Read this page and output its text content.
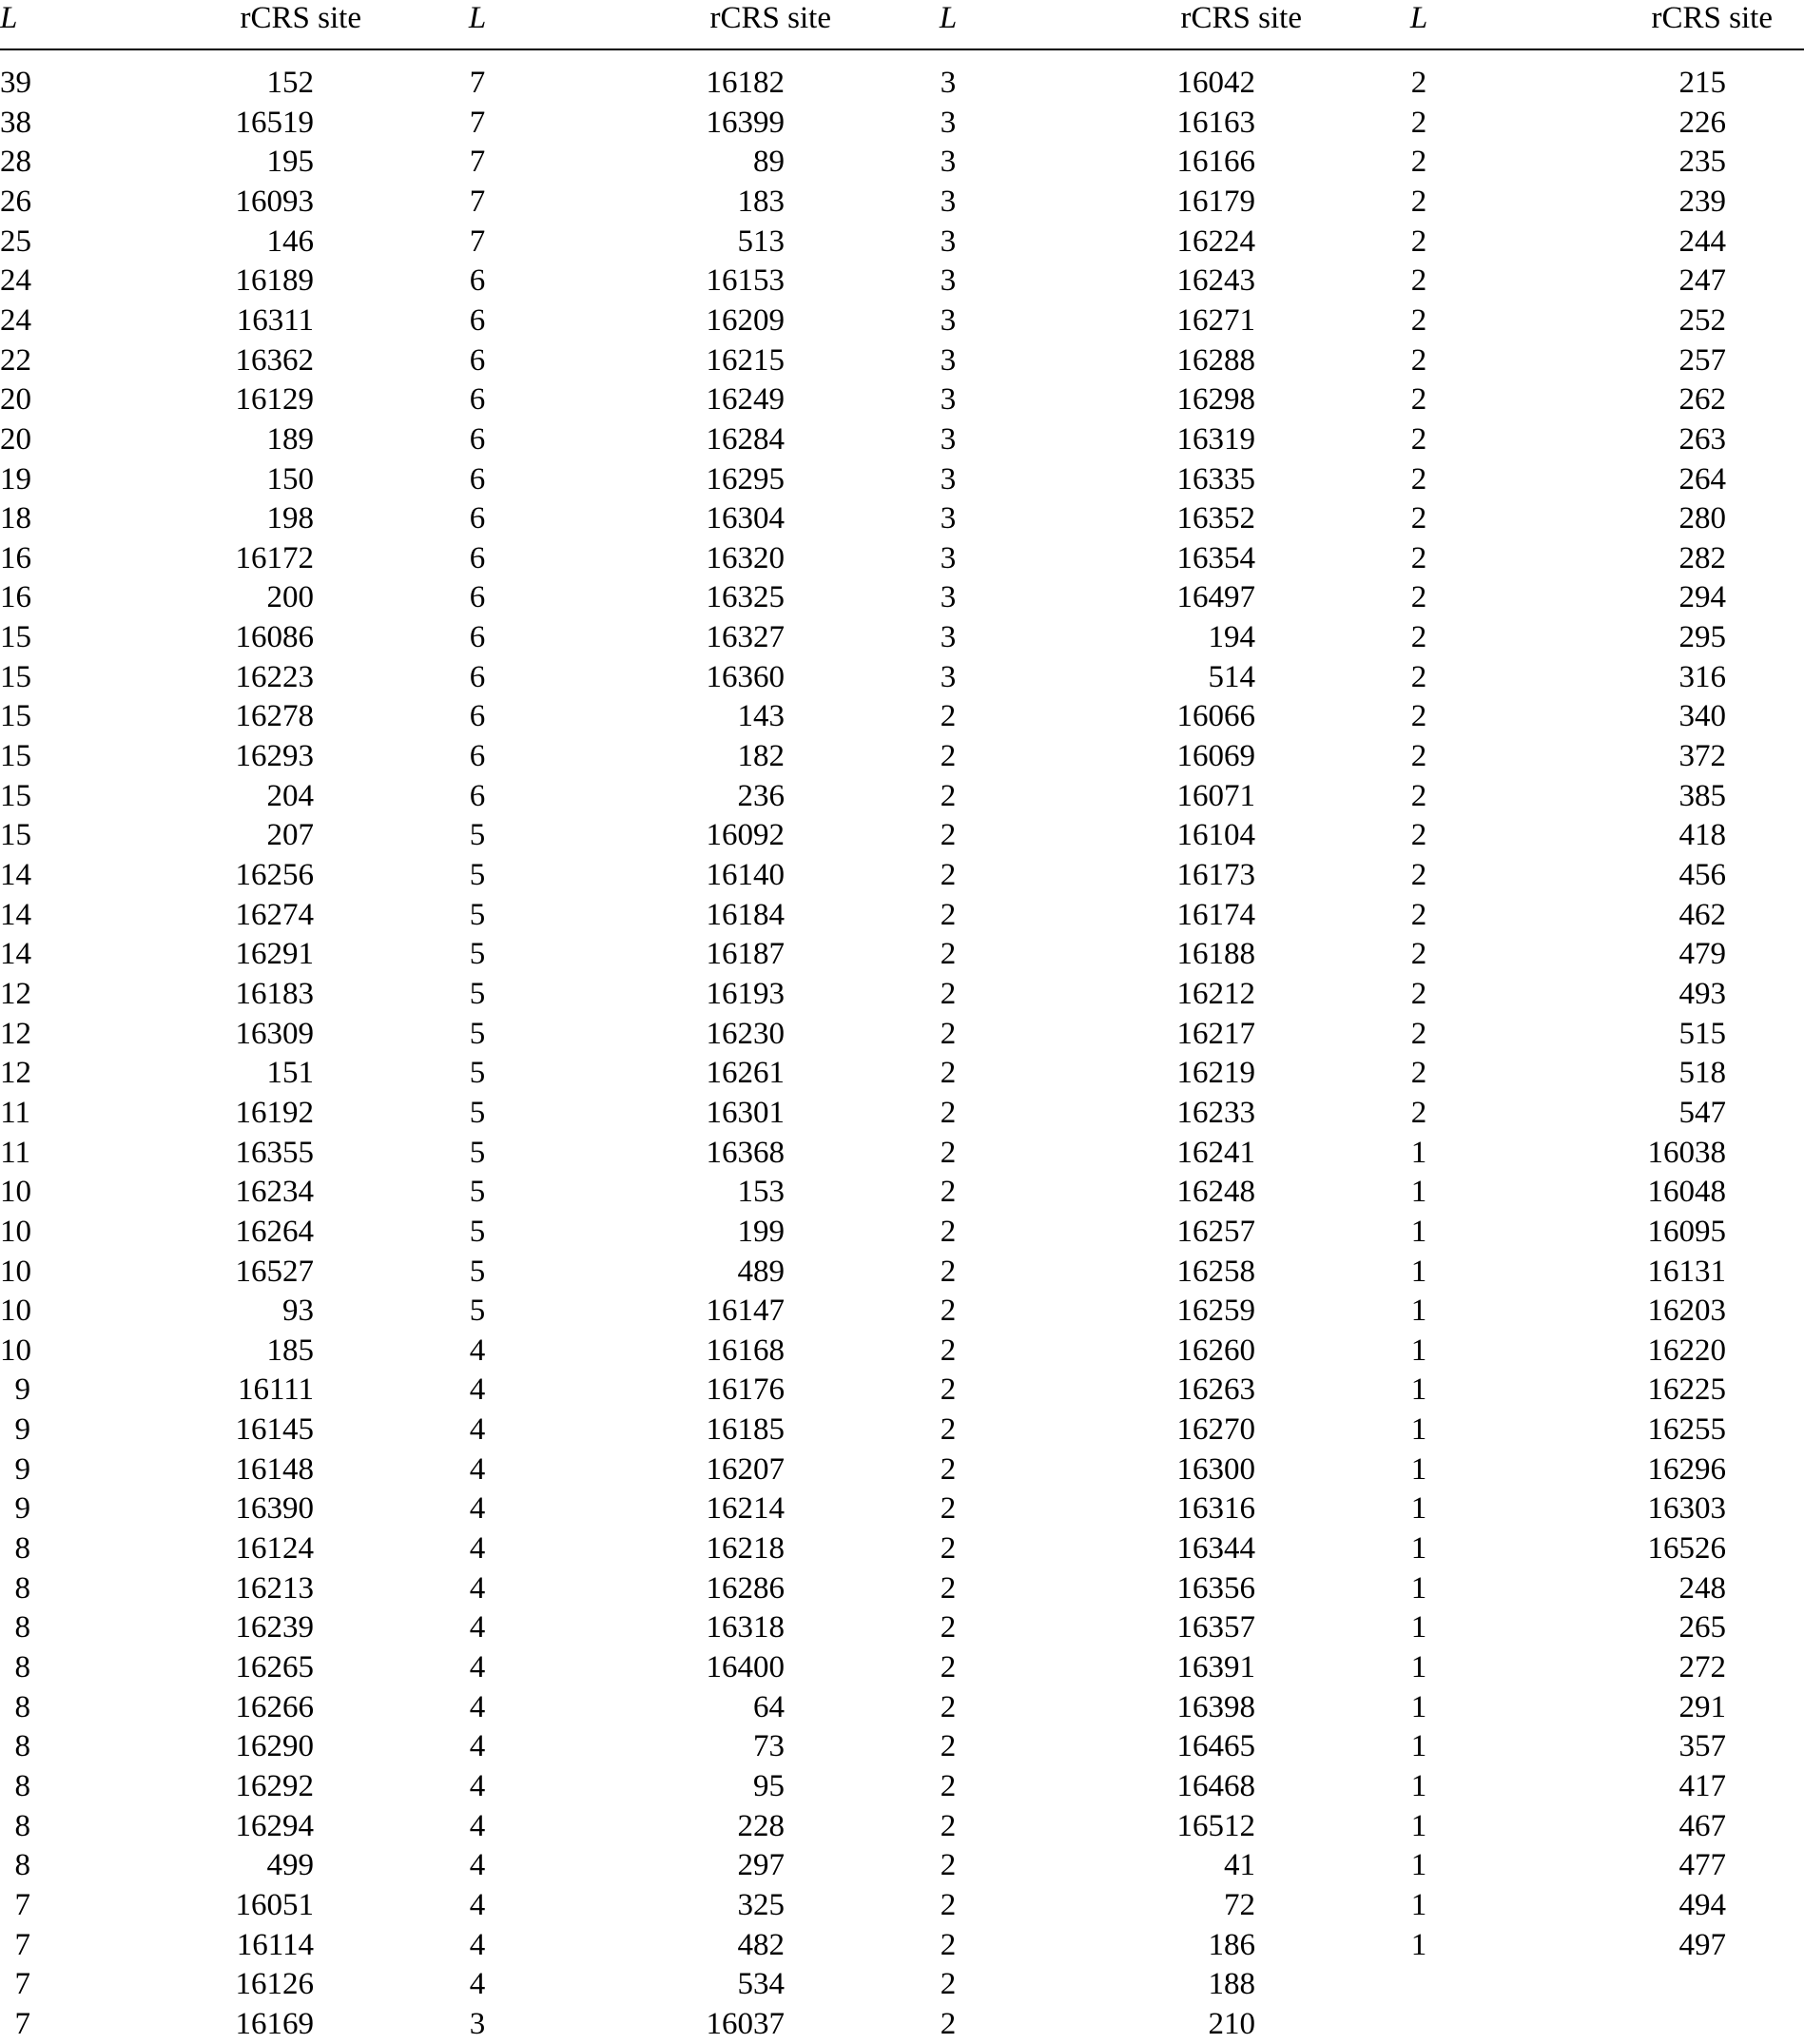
L	rCRS site	L	rCRS site	L	rCRS site	L	rCRS site
39	152	7	16182	3	16042	2	215
38	16519	7	16399	3	16163	2	226
28	195	7	89	3	16166	2	235
26	16093	7	183	3	16179	2	239
25	146	7	513	3	16224	2	244
24	16189	6	16153	3	16243	2	247
24	16311	6	16209	3	16271	2	252
22	16362	6	16215	3	16288	2	257
20	16129	6	16249	3	16298	2	262
20	189	6	16284	3	16319	2	263
19	150	6	16295	3	16335	2	264
18	198	6	16304	3	16352	2	280
16	16172	6	16320	3	16354	2	282
16	200	6	16325	3	16497	2	294
15	16086	6	16327	3	194	2	295
15	16223	6	16360	3	514	2	316
15	16278	6	143	2	16066	2	340
15	16293	6	182	2	16069	2	372
15	204	6	236	2	16071	2	385
15	207	5	16092	2	16104	2	418
14	16256	5	16140	2	16173	2	456
14	16274	5	16184	2	16174	2	462
14	16291	5	16187	2	16188	2	479
12	16183	5	16193	2	16212	2	493
12	16309	5	16230	2	16217	2	515
12	151	5	16261	2	16219	2	518
11	16192	5	16301	2	16233	2	547
11	16355	5	16368	2	16241	1	16038
10	16234	5	153	2	16248	1	16048
10	16264	5	199	2	16257	1	16095
10	16527	5	489	2	16258	1	16131
10	93	5	16147	2	16259	1	16203
10	185	4	16168	2	16260	1	16220
9	16111	4	16176	2	16263	1	16225
9	16145	4	16185	2	16270	1	16255
9	16148	4	16207	2	16300	1	16296
9	16390	4	16214	2	16316	1	16303
8	16124	4	16218	2	16344	1	16526
8	16213	4	16286	2	16356	1	248
8	16239	4	16318	2	16357	1	265
8	16265	4	16400	2	16391	1	272
8	16266	4	64	2	16398	1	291
8	16290	4	73	2	16465	1	357
8	16292	4	95	2	16468	1	417
8	16294	4	228	2	16512	1	467
8	499	4	297	2	41	1	477
7	16051	4	325	2	72	1	494
7	16114	4	482	2	186	1	497
7	16126	4	534	2	188
7	16169	3	16037	2	210
